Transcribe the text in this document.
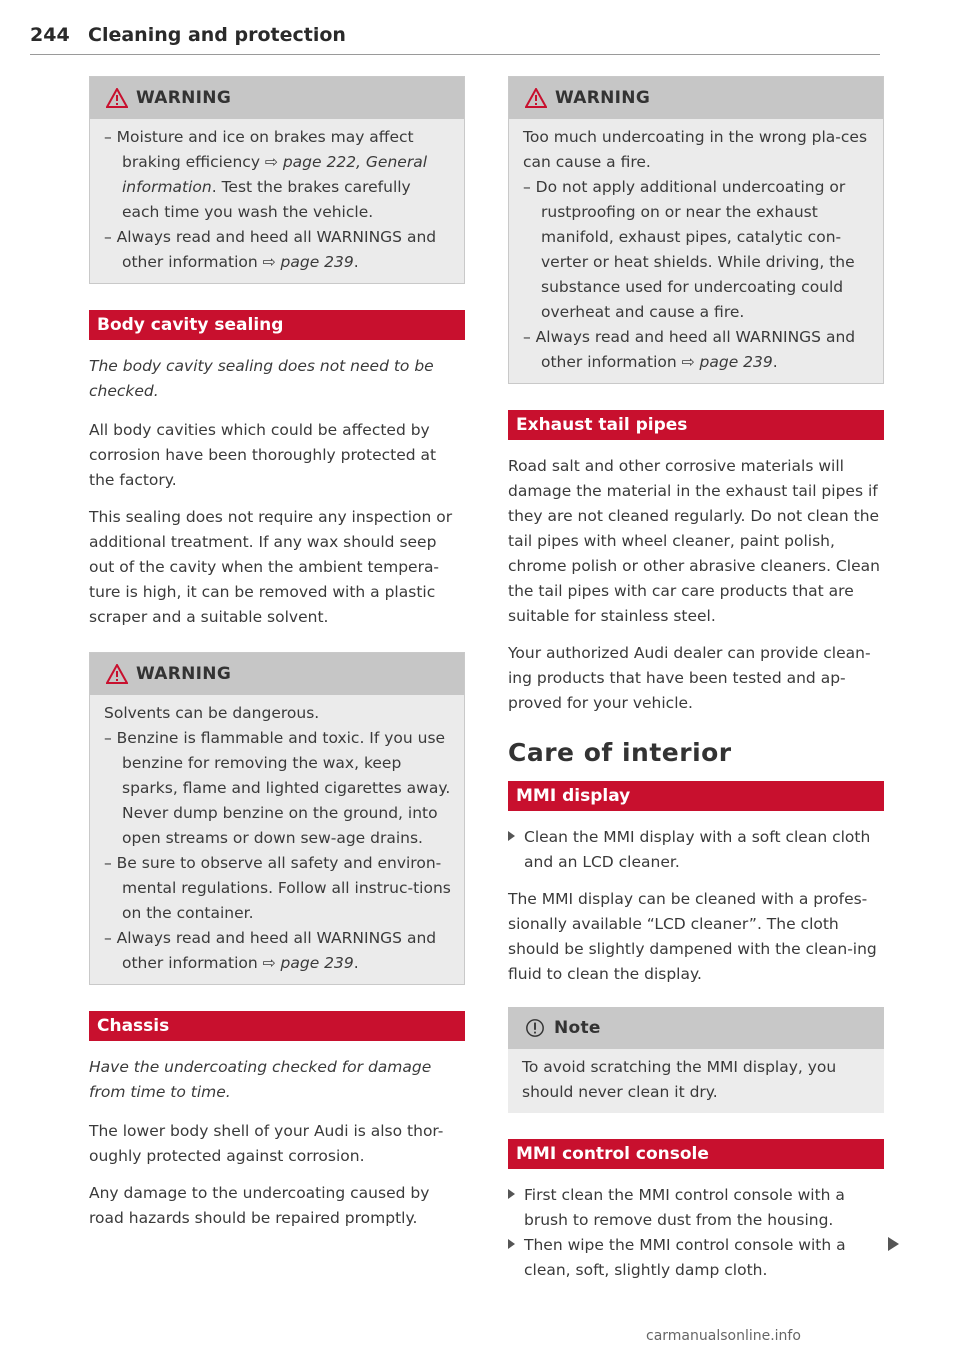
244 Cleaning and protection
WARNING

– Moisture and ice on brakes may affect braking efficiency ⇨ page 222, General information. Test the brakes carefully each time you wash the vehicle.

– Always read and heed all WARNINGS and other information ⇨ page 239.

Body cavity sealing

The body cavity sealing does not need to be checked.

All body cavities which could be affected by corrosion have been thoroughly protected at the factory.

This sealing does not require any inspection or additional treatment. If any wax should seep out of the cavity when the ambient tempera-ture is high, it can be removed with a plastic scraper and a suitable solvent.

WARNING

Solvents can be dangerous.

– Benzine is flammable and toxic. If you use benzine for removing the wax, keep sparks, flame and lighted cigarettes away. Never dump benzine on the ground, into open streams or down sew-age drains.

– Be sure to observe all safety and environ-mental regulations. Follow all instruc-tions on the container.

– Always read and heed all WARNINGS and other information ⇨ page 239.

Chassis

Have the undercoating checked for damage from time to time.

The lower body shell of your Audi is also thor-oughly protected against corrosion.

Any damage to the undercoating caused by road hazards should be repaired promptly.

WARNING

Too much undercoating in the wrong pla-ces can cause a fire.

– Do not apply additional undercoating or rustproofing on or near the exhaust manifold, exhaust pipes, catalytic con-verter or heat shields. While driving, the substance used for undercoating could overheat and cause a fire.

– Always read and heed all WARNINGS and other information ⇨ page 239.

Exhaust tail pipes

Road salt and other corrosive materials will damage the material in the exhaust tail pipes if they are not cleaned regularly. Do not clean the tail pipes with wheel cleaner, paint polish, chrome polish or other abrasive cleaners. Clean the tail pipes with car care products that are suitable for stainless steel.

Your authorized Audi dealer can provide clean-ing products that have been tested and ap-proved for your vehicle.

Care of interior
MMI display

Clean the MMI display with a soft clean cloth and an LCD cleaner.

The MMI display can be cleaned with a profes-sionally available “LCD cleaner”. The cloth should be slightly dampened with the clean-ing fluid to clean the display.

Note

To avoid scratching the MMI display, you should never clean it dry.

MMI control console

First clean the MMI control console with a brush to remove dust from the housing.

Then wipe the MMI control console with a clean, soft, slightly damp cloth.

carmanualsonline.info
